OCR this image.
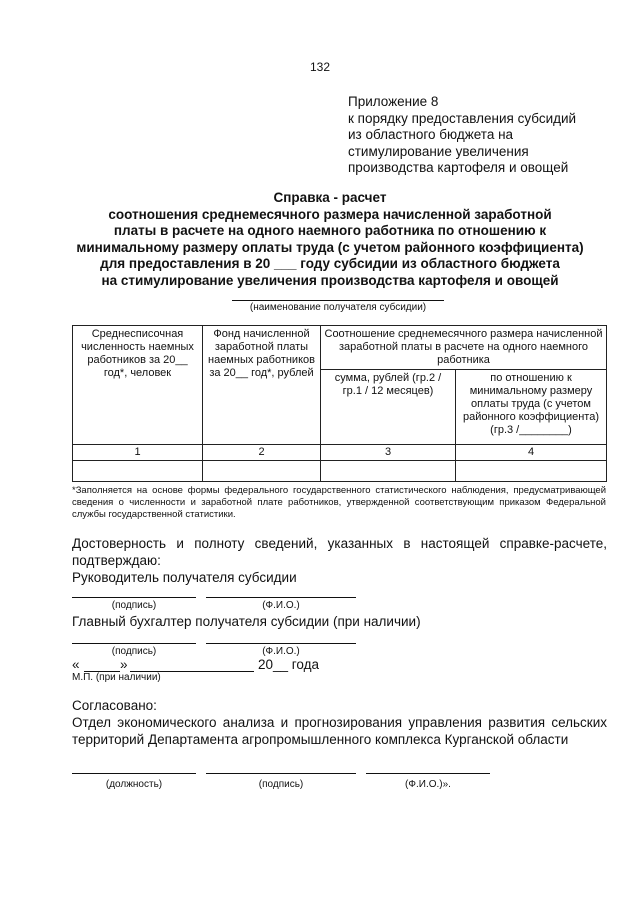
132
Приложение 8
к порядку предоставления субсидий
из областного бюджета на
стимулирование увеличения
производства картофеля и овощей
Справка - расчет
соотношения среднемесячного размера начисленной заработной
платы в расчете на одного наемного работника по отношению к
минимальному размеру оплаты труда (с учетом районного коэффициента)
для предоставления в 20 ___ году субсидии из областного бюджета
на стимулирование увеличения производства картофеля и овощей
(наименование получателя субсидии)
Среднесписочная численность наемных работников за 20__ год*, человек	Фонд начисленной заработной платы наемных работников за 20__ год*, рублей	Соотношение среднемесячного размера начисленной заработной платы в расчете на одного наемного работника	
		сумма, рублей (гр.2 / гр.1 / 12 месяцев)	по отношению к минимальному размеру оплаты труда (с учетом районного коэффициента) (гр.3 /________)
1	2	3	4

*Заполняется на основе формы федерального государственного статистического наблюдения, предусматривающей сведения о численности и заработной плате работников, утвержденной соответствующим приказом Федеральной службы государственной статистики.
Достоверность и полноту сведений, указанных в настоящей справке-расчете, подтверждаю:
Руководитель получателя субсидии
(подпись)	(Ф.И.О.)
Главный бухгалтер получателя субсидии (при наличии)
(подпись)	(Ф.И.О.)
«	»	20__ года
М.П. (при наличии)
Согласовано:
Отдел экономического анализа и прогнозирования управления развития сельских территорий Департамента агропромышленного комплекса Курганской области
(должность)	(подпись)	(Ф.И.О.)».
